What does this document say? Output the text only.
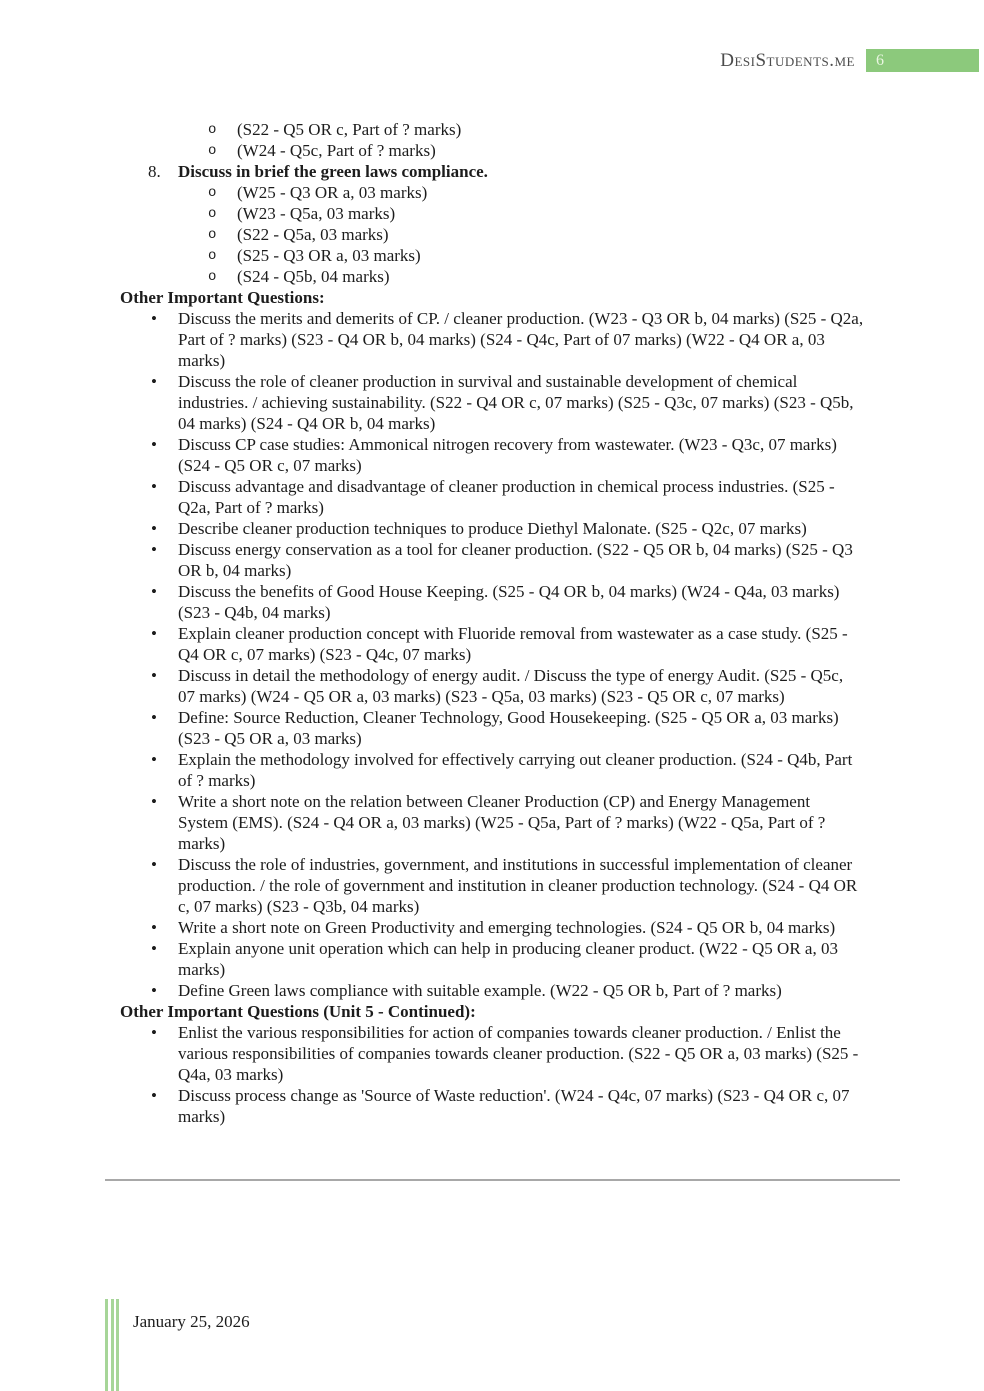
DesiStudents.me	6
o (S22 - Q5 OR c, Part of ? marks)
o (W24 - Q5c, Part of ? marks)
8. Discuss in brief the green laws compliance.
o (W25 - Q3 OR a, 03 marks)
o (W23 - Q5a, 03 marks)
o (S22 - Q5a, 03 marks)
o (S25 - Q3 OR a, 03 marks)
o (S24 - Q5b, 04 marks)
Other Important Questions:
• Discuss the merits and demerits of CP. / cleaner production. (W23 - Q3 OR b, 04 marks) (S25 - Q2a, Part of ? marks) (S23 - Q4 OR b, 04 marks) (S24 - Q4c, Part of 07 marks) (W22 - Q4 OR a, 03 marks)
• Discuss the role of cleaner production in survival and sustainable development of chemical industries. / achieving sustainability. (S22 - Q4 OR c, 07 marks) (S25 - Q3c, 07 marks) (S23 - Q5b, 04 marks) (S24 - Q4 OR b, 04 marks)
• Discuss CP case studies: Ammonical nitrogen recovery from wastewater. (W23 - Q3c, 07 marks) (S24 - Q5 OR c, 07 marks)
• Discuss advantage and disadvantage of cleaner production in chemical process industries. (S25 - Q2a, Part of ? marks)
• Describe cleaner production techniques to produce Diethyl Malonate. (S25 - Q2c, 07 marks)
• Discuss energy conservation as a tool for cleaner production. (S22 - Q5 OR b, 04 marks) (S25 - Q3 OR b, 04 marks)
• Discuss the benefits of Good House Keeping. (S25 - Q4 OR b, 04 marks) (W24 - Q4a, 03 marks) (S23 - Q4b, 04 marks)
• Explain cleaner production concept with Fluoride removal from wastewater as a case study. (S25 - Q4 OR c, 07 marks) (S23 - Q4c, 07 marks)
• Discuss in detail the methodology of energy audit. / Discuss the type of energy Audit. (S25 - Q5c, 07 marks) (W24 - Q5 OR a, 03 marks) (S23 - Q5a, 03 marks) (S23 - Q5 OR c, 07 marks)
• Define: Source Reduction, Cleaner Technology, Good Housekeeping. (S25 - Q5 OR a, 03 marks) (S23 - Q5 OR a, 03 marks)
• Explain the methodology involved for effectively carrying out cleaner production. (S24 - Q4b, Part of ? marks)
• Write a short note on the relation between Cleaner Production (CP) and Energy Management System (EMS). (S24 - Q4 OR a, 03 marks) (W25 - Q5a, Part of ? marks) (W22 - Q5a, Part of ? marks)
• Discuss the role of industries, government, and institutions in successful implementation of cleaner production. / the role of government and institution in cleaner production technology. (S24 - Q4 OR c, 07 marks) (S23 - Q3b, 04 marks)
• Write a short note on Green Productivity and emerging technologies. (S24 - Q5 OR b, 04 marks)
• Explain anyone unit operation which can help in producing cleaner product. (W22 - Q5 OR a, 03 marks)
• Define Green laws compliance with suitable example. (W22 - Q5 OR b, Part of ? marks)
Other Important Questions (Unit 5 - Continued):
• Enlist the various responsibilities for action of companies towards cleaner production. / Enlist the various responsibilities of companies towards cleaner production. (S22 - Q5 OR a, 03 marks) (S25 - Q4a, 03 marks)
• Discuss process change as 'Source of Waste reduction'. (W24 - Q4c, 07 marks) (S23 - Q4 OR c, 07 marks)
January 25, 2026
